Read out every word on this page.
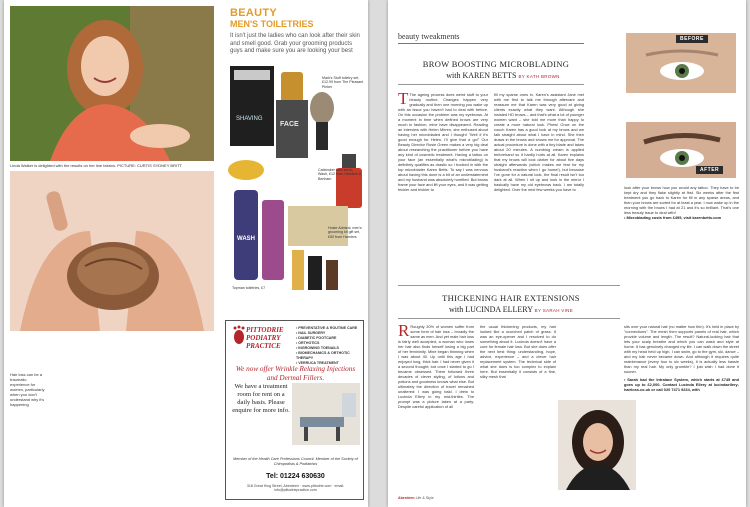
Linda Walker is delighted with the results on her line fabrics. PICTURE: CURTIS SYDNEY BRITT
Hair loss can be a traumatic experience for women, particularly when you don't understand why it's happening
BEAUTY
MEN'S TOILETRIES
It isn't just the ladies who can look after their skin and smell good. Grab your grooming products guys and make sure you are looking your best
SHAVING
FACE
WASH
Mark's Stuff toiletry set, £12.99 from The Pleasant Pinker
Cabbroker face scrub, Wash, £12 from Hamlers & Benham
Topman toiletries, £7
Hoste Admiral, men's grooming kit gift set, £50 from Hamlers
PITTODRIE PODIATRY PRACTICE
• PREVENTATIVE & ROUTINE CARE
• NAIL SURGERY
• DIABETIC FOOTCARE
• ORTHOTICS
• INGROWING TOENAILS
• BIOMECHANICS & ORTHOTIC THERAPY
• VERRUCA TREATMENT
We now offer Wrinkle Relaxing Injections and Dermal Fillers.
We have a treatment room for rent on a daily basis. Please enquire for more info.
Member of the Health Care Professions Council. Member of the Society of Chiropodists & Podiatrists
Tel: 01224 630630
318 Great King Street, Aberdeen · www.pittodrie.com · email: info@pittodriepractice.com
beauty tweakments
BROW BOOSTING MICROBLADING
with KAREN BETTS BY KATH BROWN
T The ageing process does weird stuff to your beauty routine. Changes happen very gradually and then one morning you wake up with an issue you haven't had to deal with before. On this occasion the problem was my eyebrows. At a moment in time when defined brows are very much in fashion, mine have disappeared. Reading an interview with Helen Mirren, she enthused about having her microbladed and I thought "Well if it's good enough for Helen, I'll give that a go!" Our Beauty Director Rosie Green makes a very big deal about researching the practitioner before you have any kind of cosmetic treatment. Having a tattoo on your face (an essentially what's microblading) is definitely qualifies as drastic so I booked in with the top microblader Karen Betts. To say I was nervous about having this done is a bit of an understatement and my husband was absolutely horrified. But brows frame your face and lift your eyes, and it was getting trickier and trickier to
fill my sparse ones in. Karen's assistant Jane met with me first to talk me through aftercare and reassure me that Karen was very good at giving clients exactly what they want. Although she insisted HD brows – and that's what a lot of younger women want – she told me more than happy to create a more natural look. Phew! Once on the couch Karen has a good look at my brows and we talk straight about what I have in mind. She then draws in the brows and shows me for approval. The actual procedure is done with a tiny blade and takes about 20 minutes. A numbing cream is applied beforehand so it hardly hurts at all. Karen explains that my brows will look darker for about five days straight afterwards (which makes me fear for my husband's reaction when I go home!), but because I've gone for a natural look, the final result isn't too dark at all. When I sit up and look in the mirror I basically have my old eyebrows back. I am totally delighted. Over the next few weeks you have to
BEFORE
AFTER
look after your brows how you would any tattoo. They have to be kept dry and they flake slightly at first. Six weeks after the first treatment you go back to Karen for fill in any sparse areas, and then your brows are sorted for at least a year. I now wake up in the morning with the brows I had at 21 and it's so brilliant. That's one less beauty issue to deal with!
• Microblading costs from £495, visit karenbetts.com
THICKENING HAIR EXTENSIONS
with LUCINDA ELLERY BY SARAH VINE
R Roughly 30% of women suffer from some form of hair loss – broadly the same as men. And yet male hair loss is fairly well accepted, a woman who loses her hair also finds herself losing a big part of her femininity. Mine began thinning when I was about 40. Up until this age I had enjoyed long, thick hair. I had never given it a second thought; but once I started to go I became obsessed. There followed three decades of clever styling, of lotions and potions and goodness knows what else. But ultimately the direction of travel remained unaltered: I was going bald. I drew to Lucinda Ellery in my mid-thirties. The prompt was a picture taken at a party. Despite careful application of all
the usual thickening products, my hair looked like a scorched patch of grass. It was an eye-opener and I resolved to do something about it. Lucinda doesn't have a cure for female hair loss. But she does offer the next best thing: understanding, hope, advice, experience – and a clever hair replacement system. The technical side of what she does is too complex to explain here. But essentially it consists of a fine, silky mesh that
sits over your natural hair (no matter how thin). It's held in place by "connections". The mesh then supports panels of real hair, which provide volume and length. The result? Natural-looking hair that lets your scalp breathe and which you can wash and style at home. It has genuinely changed my life. I can walk down the street with my head held up high. I can swim, go to the gym, ski, dance – and my hair never became down. And although it requires quite maintenance (every four to six weeks), it is actually less hassle than my real hair. My only grumble? I just wish I had done it sooner.
• Sarah had the Intralace System, which starts at £745 and goes up to £2,000. Contact Lucinda Ellery at lucindaellery-hairloss.co.uk or call 020 7471 9234, with
Aberdeen Life & Style
